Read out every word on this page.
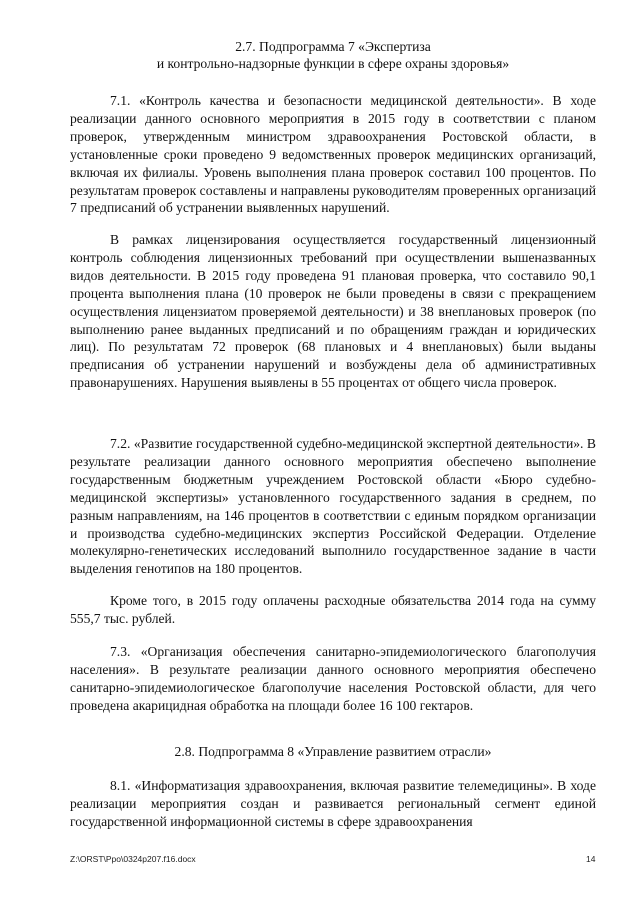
2.7. Подпрограмма 7 «Экспертиза
и контрольно-надзорные функции в сфере охраны здоровья»

7.1. «Контроль качества и безопасности медицинской деятельности». В ходе реализации данного основного мероприятия в 2015 году в соответствии с планом проверок, утвержденным министром здравоохранения Ростовской области, в установленные сроки проведено 9 ведомственных проверок медицинских организаций, включая их филиалы. Уровень выполнения плана проверок составил 100 процентов. По результатам проверок составлены и направлены руководителям проверенных организаций 7 предписаний об устранении выявленных нарушений.

В рамках лицензирования осуществляется государственный лицензионный контроль соблюдения лицензионных требований при осуществлении вышеназванных видов деятельности. В 2015 году проведена 91 плановая проверка, что составило 90,1 процента выполнения плана (10 проверок не были проведены в связи с прекращением осуществления лицензиатом проверяемой деятельности) и 38 внеплановых проверок (по выполнению ранее выданных предписаний и по обращениям граждан и юридических лиц). По результатам 72 проверок (68 плановых и 4 внеплановых) были выданы предписания об устранении нарушений и возбуждены дела об административных правонарушениях. Нарушения выявлены в 55 процентах от общего числа проверок.

7.2. «Развитие государственной судебно-медицинской экспертной деятельности». В результате реализации данного основного мероприятия обеспечено выполнение государственным бюджетным учреждением Ростовской области «Бюро судебно-медицинской экспертизы» установленного государственного задания в среднем, по разным направлениям, на 146 процентов в соответствии с единым порядком организации и производства судебно-медицинских экспертиз Российской Федерации. Отделение молекулярно-генетических исследований выполнило государственное задание в части выделения генотипов на 180 процентов.

Кроме того, в 2015 году оплачены расходные обязательства 2014 года на сумму 555,7 тыс. рублей.

7.3. «Организация обеспечения санитарно-эпидемиологического благополучия населения». В результате реализации данного основного мероприятия обеспечено санитарно-эпидемиологическое благополучие населения Ростовской области, для чего проведена акарицидная обработка на площади более 16 100 гектаров.

2.8. Подпрограмма 8 «Управление развитием отрасли»

8.1. «Информатизация здравоохранения, включая развитие телемедицины». В ходе реализации мероприятия создан и развивается региональный сегмент единой государственной информационной системы в сфере здравоохранения

Z:\ORST\Ppo\0324p207.f16.docx	14
